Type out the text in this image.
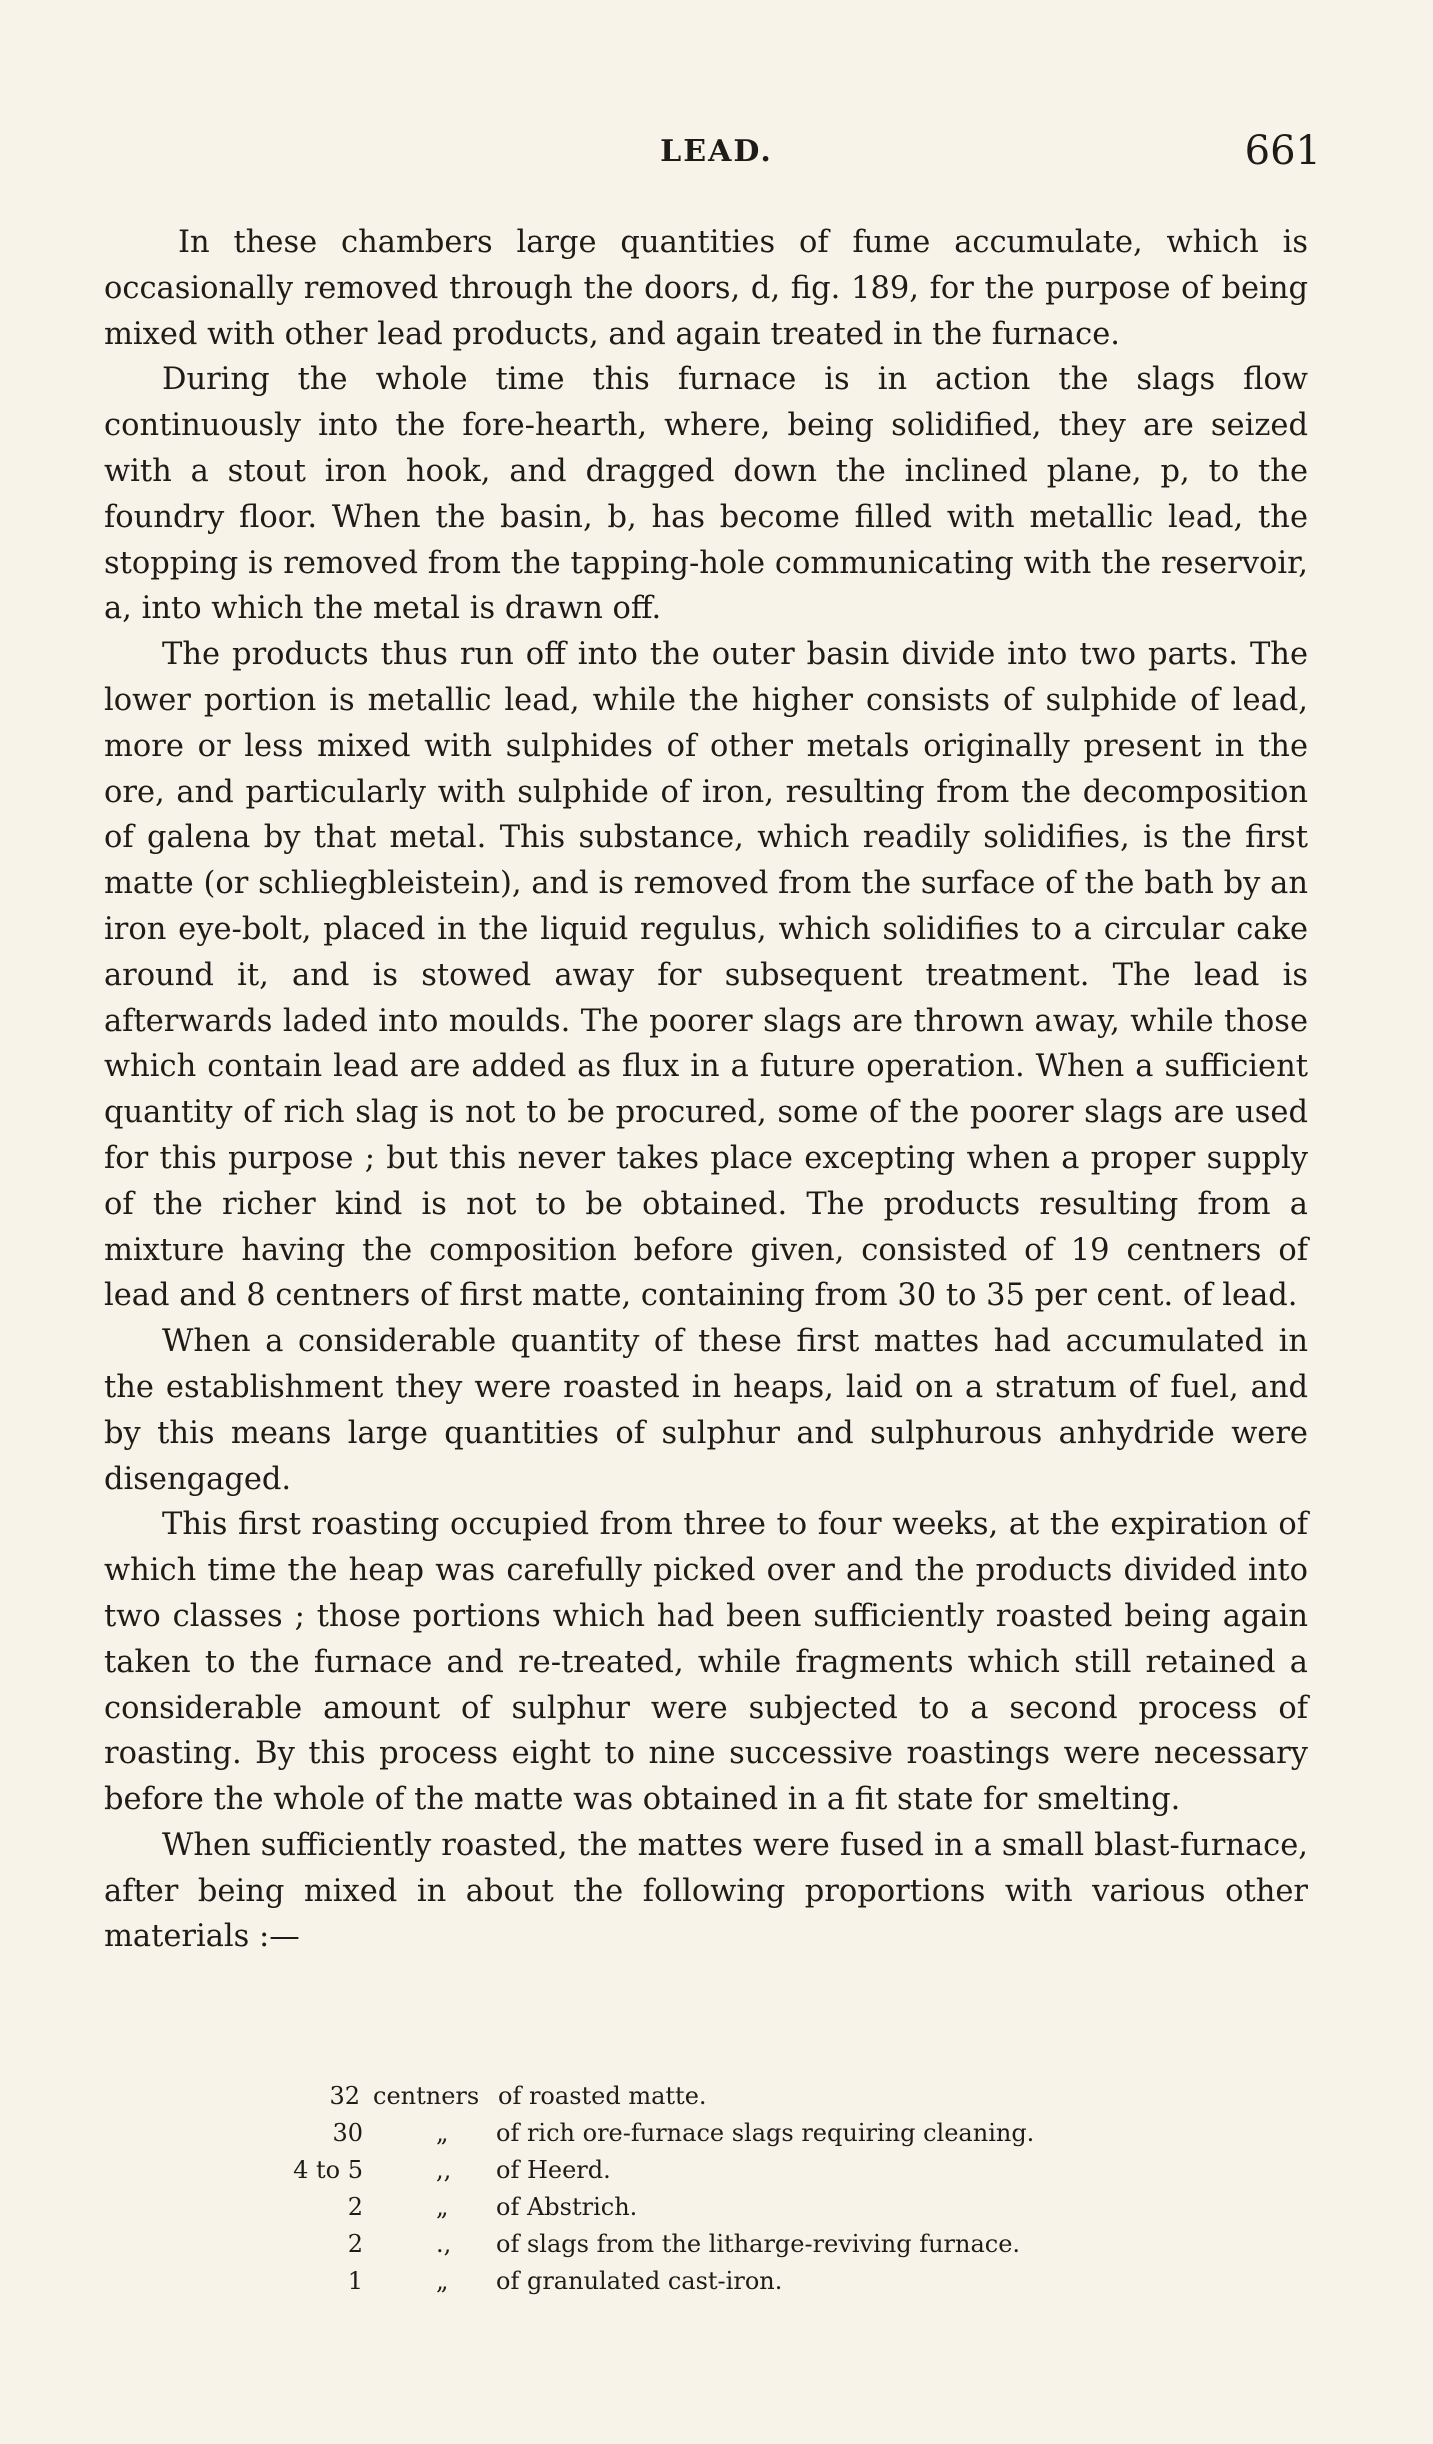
LEAD.	661

In these chambers large quantities of fume accumulate, which is occasionally removed through the doors, d, fig. 189, for the purpose of being mixed with other lead products, and again treated in the furnace.

During the whole time this furnace is in action the slags flow continuously into the fore-hearth, where, being solidified, they are seized with a stout iron hook, and dragged down the inclined plane, p, to the foundry floor. When the basin, b, has become filled with metallic lead, the stopping is removed from the tapping-hole communicating with the reservoir, a, into which the metal is drawn off.

The products thus run off into the outer basin divide into two parts. The lower portion is metallic lead, while the higher consists of sulphide of lead, more or less mixed with sulphides of other metals originally present in the ore, and particularly with sulphide of iron, resulting from the decomposition of galena by that metal. This substance, which readily solidifies, is the first matte (or schliegbleistein), and is removed from the surface of the bath by an iron eye-bolt, placed in the liquid regulus, which solidifies to a circular cake around it, and is stowed away for subsequent treatment. The lead is afterwards laded into moulds. The poorer slags are thrown away, while those which contain lead are added as flux in a future operation. When a sufficient quantity of rich slag is not to be procured, some of the poorer slags are used for this purpose ; but this never takes place excepting when a proper supply of the richer kind is not to be obtained. The products resulting from a mixture having the composition before given, consisted of 19 centners of lead and 8 centners of first matte, containing from 30 to 35 per cent. of lead.

When a considerable quantity of these first mattes had accumulated in the establishment they were roasted in heaps, laid on a stratum of fuel, and by this means large quantities of sulphur and sulphurous anhydride were disengaged.

This first roasting occupied from three to four weeks, at the expiration of which time the heap was carefully picked over and the products divided into two classes ; those portions which had been sufficiently roasted being again taken to the furnace and re-treated, while fragments which still retained a considerable amount of sulphur were subjected to a second process of roasting. By this process eight to nine successive roastings were necessary before the whole of the matte was obtained in a fit state for smelting.

When sufficiently roasted, the mattes were fused in a small blast-furnace, after being mixed in about the following proportions with various other materials :—

32 centners of roasted matte.
30	„ of rich ore-furnace slags requiring cleaning.
4 to 5	,, of Heerd.
2	„ of Abstrich.
2	., of slags from the litharge-reviving furnace.
1	„ of granulated cast-iron.
